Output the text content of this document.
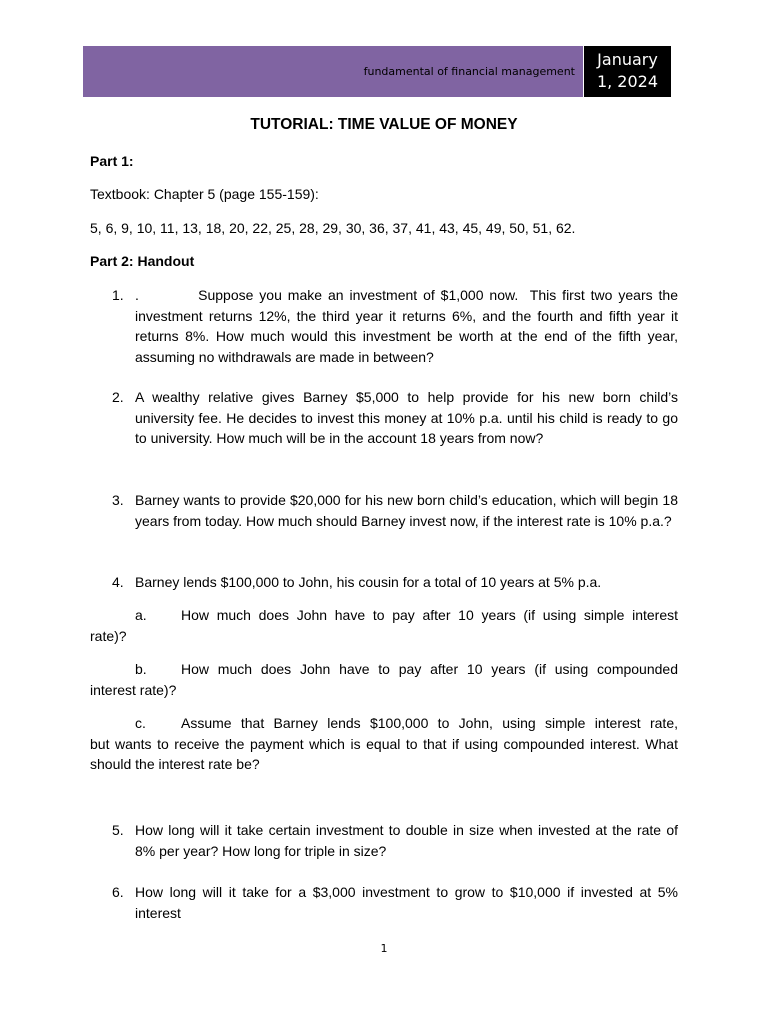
fundamental of financial management
January
1, 2024
TUTORIAL: TIME VALUE OF MONEY
Part 1:
Textbook: Chapter 5 (page 155-159):
5, 6, 9, 10, 11, 13, 18, 20, 22, 25, 28, 29, 30, 36, 37, 41, 43, 45, 49, 50, 51, 62.
Part 2: Handout
1. .          Suppose you make an investment of $1,000 now.  This first two years the
investment returns 12%, the third year it returns 6%, and the fourth and fifth year it returns 8%. How much would this investment be worth at the end of the fifth year, assuming no withdrawals are made in between?
2. A wealthy relative gives Barney $5,000 to help provide for his new born child’s university fee. He decides to invest this money at 10% p.a. until his child is ready to go to university. How much will be in the account 18 years from now?
3. Barney wants to provide $20,000 for his new born child’s education, which will begin 18 years from today. How much should Barney invest now, if the interest rate is 10% p.a.?
4. Barney lends $100,000 to John, his cousin for a total of 10 years at 5% p.a.
a.	How much does John have to pay after 10 years (if using simple interest
rate)?
b.	How much does John have to pay after 10 years (if using compounded
interest rate)?
c.	Assume that Barney lends $100,000 to John, using simple interest rate,
but wants to receive the payment which is equal to that if using compounded interest. What should the interest rate be?
5. How long will it take certain investment to double in size when invested at the rate of 8% per year? How long for triple in size?
6. How long will it take for a $3,000 investment to grow to $10,000 if invested at 5% interest
1
